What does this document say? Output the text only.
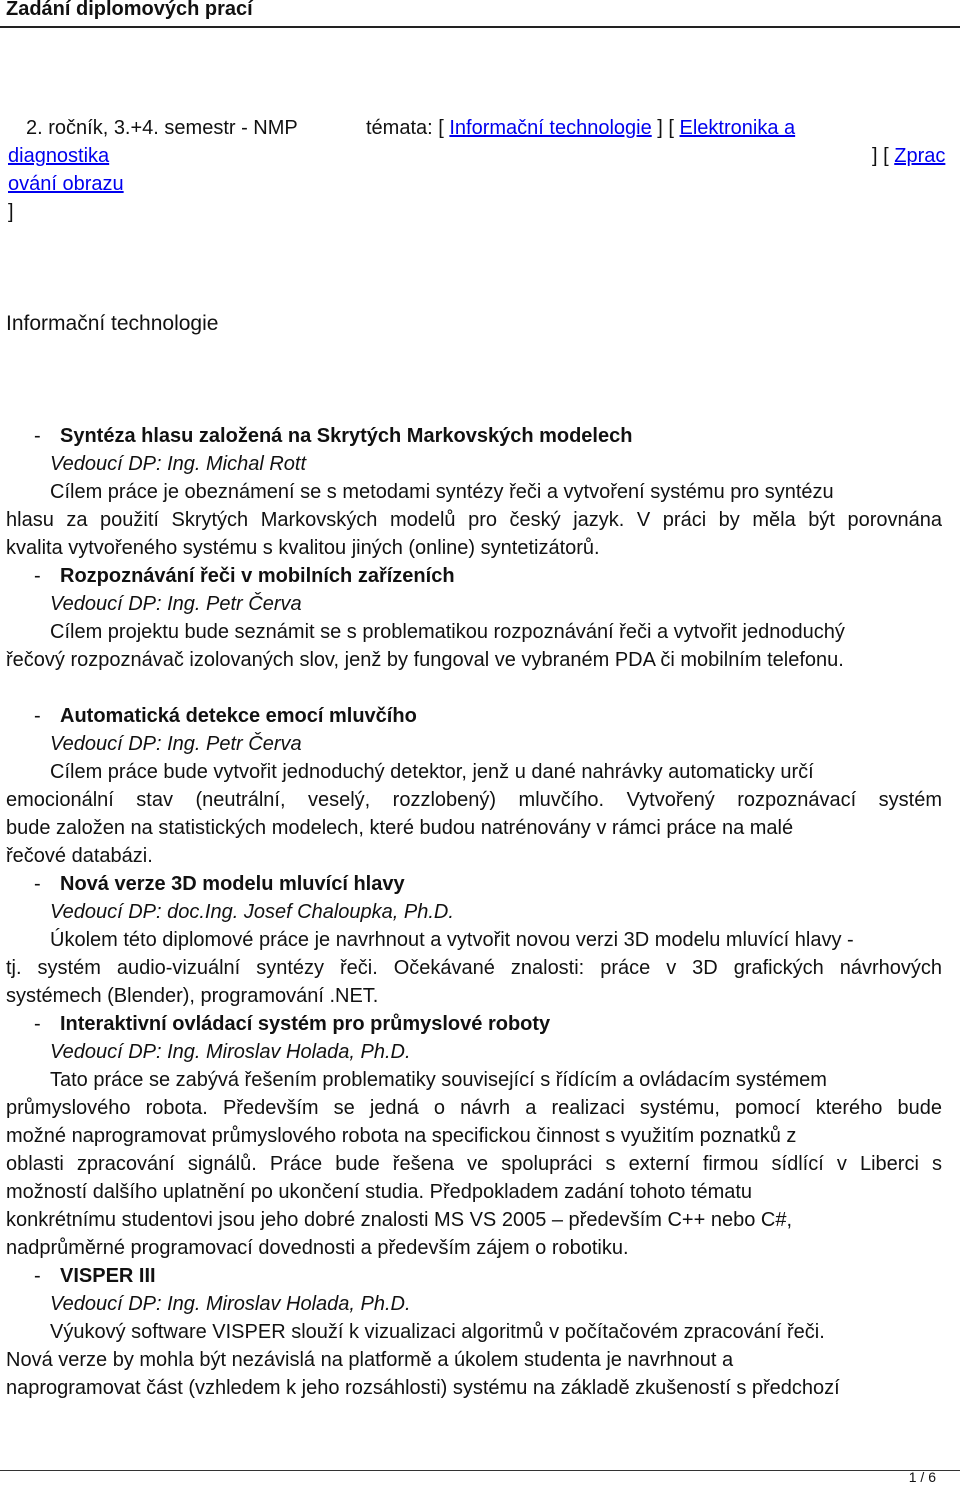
Zadání diplomových prací
2. ročník, 3.+4. semestr - NMP	témata: [ Informační technologie ] [ Elektronika a
diagnostika	] [ Zprac
ování obrazu
]
Informační technologie
- Syntéza hlasu založená na Skrytých Markovských modelech
Vedoucí DP: Ing. Michal Rott
Cílem práce je obeznámení se s metodami syntézy řeči a vytvoření systému pro syntézu
hlasu za použití Skrytých Markovských modelů pro český jazyk. V práci by měla být porovnána
kvalita vytvořeného systému s kvalitou jiných (online) syntetizátorů.
- Rozpoznávání řeči v mobilních zařízeních
Vedoucí DP: Ing. Petr Červa
Cílem projektu bude seznámit se s problematikou rozpoznávání řeči a vytvořit jednoduchý
řečový rozpoznávač izolovaných slov, jenž by fungoval ve vybraném PDA či mobilním telefonu.
- Automatická detekce emocí mluvčího
Vedoucí DP: Ing. Petr Červa
Cílem práce bude vytvořit jednoduchý detektor, jenž u dané nahrávky automaticky určí
emocionální stav (neutrální, veselý, rozzlobený) mluvčího. Vytvořený rozpoznávací systém
bude založen na statistických modelech, které budou natrénovány v rámci práce na malé
řečové databázi.
- Nová verze 3D modelu mluvící hlavy
Vedoucí DP: doc.Ing. Josef Chaloupka, Ph.D.
Úkolem této diplomové práce je navrhnout a vytvořit novou verzi 3D modelu mluvící hlavy -
tj. systém audio-vizuální syntézy řeči. Očekávané znalosti: práce v 3D grafických návrhových
systémech (Blender), programování .NET.
- Interaktivní ovládací systém pro průmyslové roboty
Vedoucí DP: Ing. Miroslav Holada, Ph.D.
Tato práce se zabývá řešením problematiky související s řídícím a ovládacím systémem
průmyslového robota. Především se jedná o návrh a realizaci systému, pomocí kterého bude
možné naprogramovat průmyslového robota na specifickou činnost s využitím poznatků z
oblasti zpracování signálů. Práce bude řešena ve spolupráci s externí firmou sídlící v Liberci s
možností dalšího uplatnění po ukončení studia. Předpokladem zadání tohoto tématu
konkrétnímu studentovi jsou jeho dobré znalosti MS VS 2005 – především C++ nebo C#,
nadprůměrné programovací dovednosti a především zájem o robotiku.
- VISPER III
Vedoucí DP: Ing. Miroslav Holada, Ph.D.
Výukový software VISPER slouží k vizualizaci algoritmů v počítačovém zpracování řeči.
Nová verze by mohla být nezávislá na platformě a úkolem studenta je navrhnout a
naprogramovat část (vzhledem k jeho rozsáhlosti) systému na základě zkušeností s předchozí
1 / 6
